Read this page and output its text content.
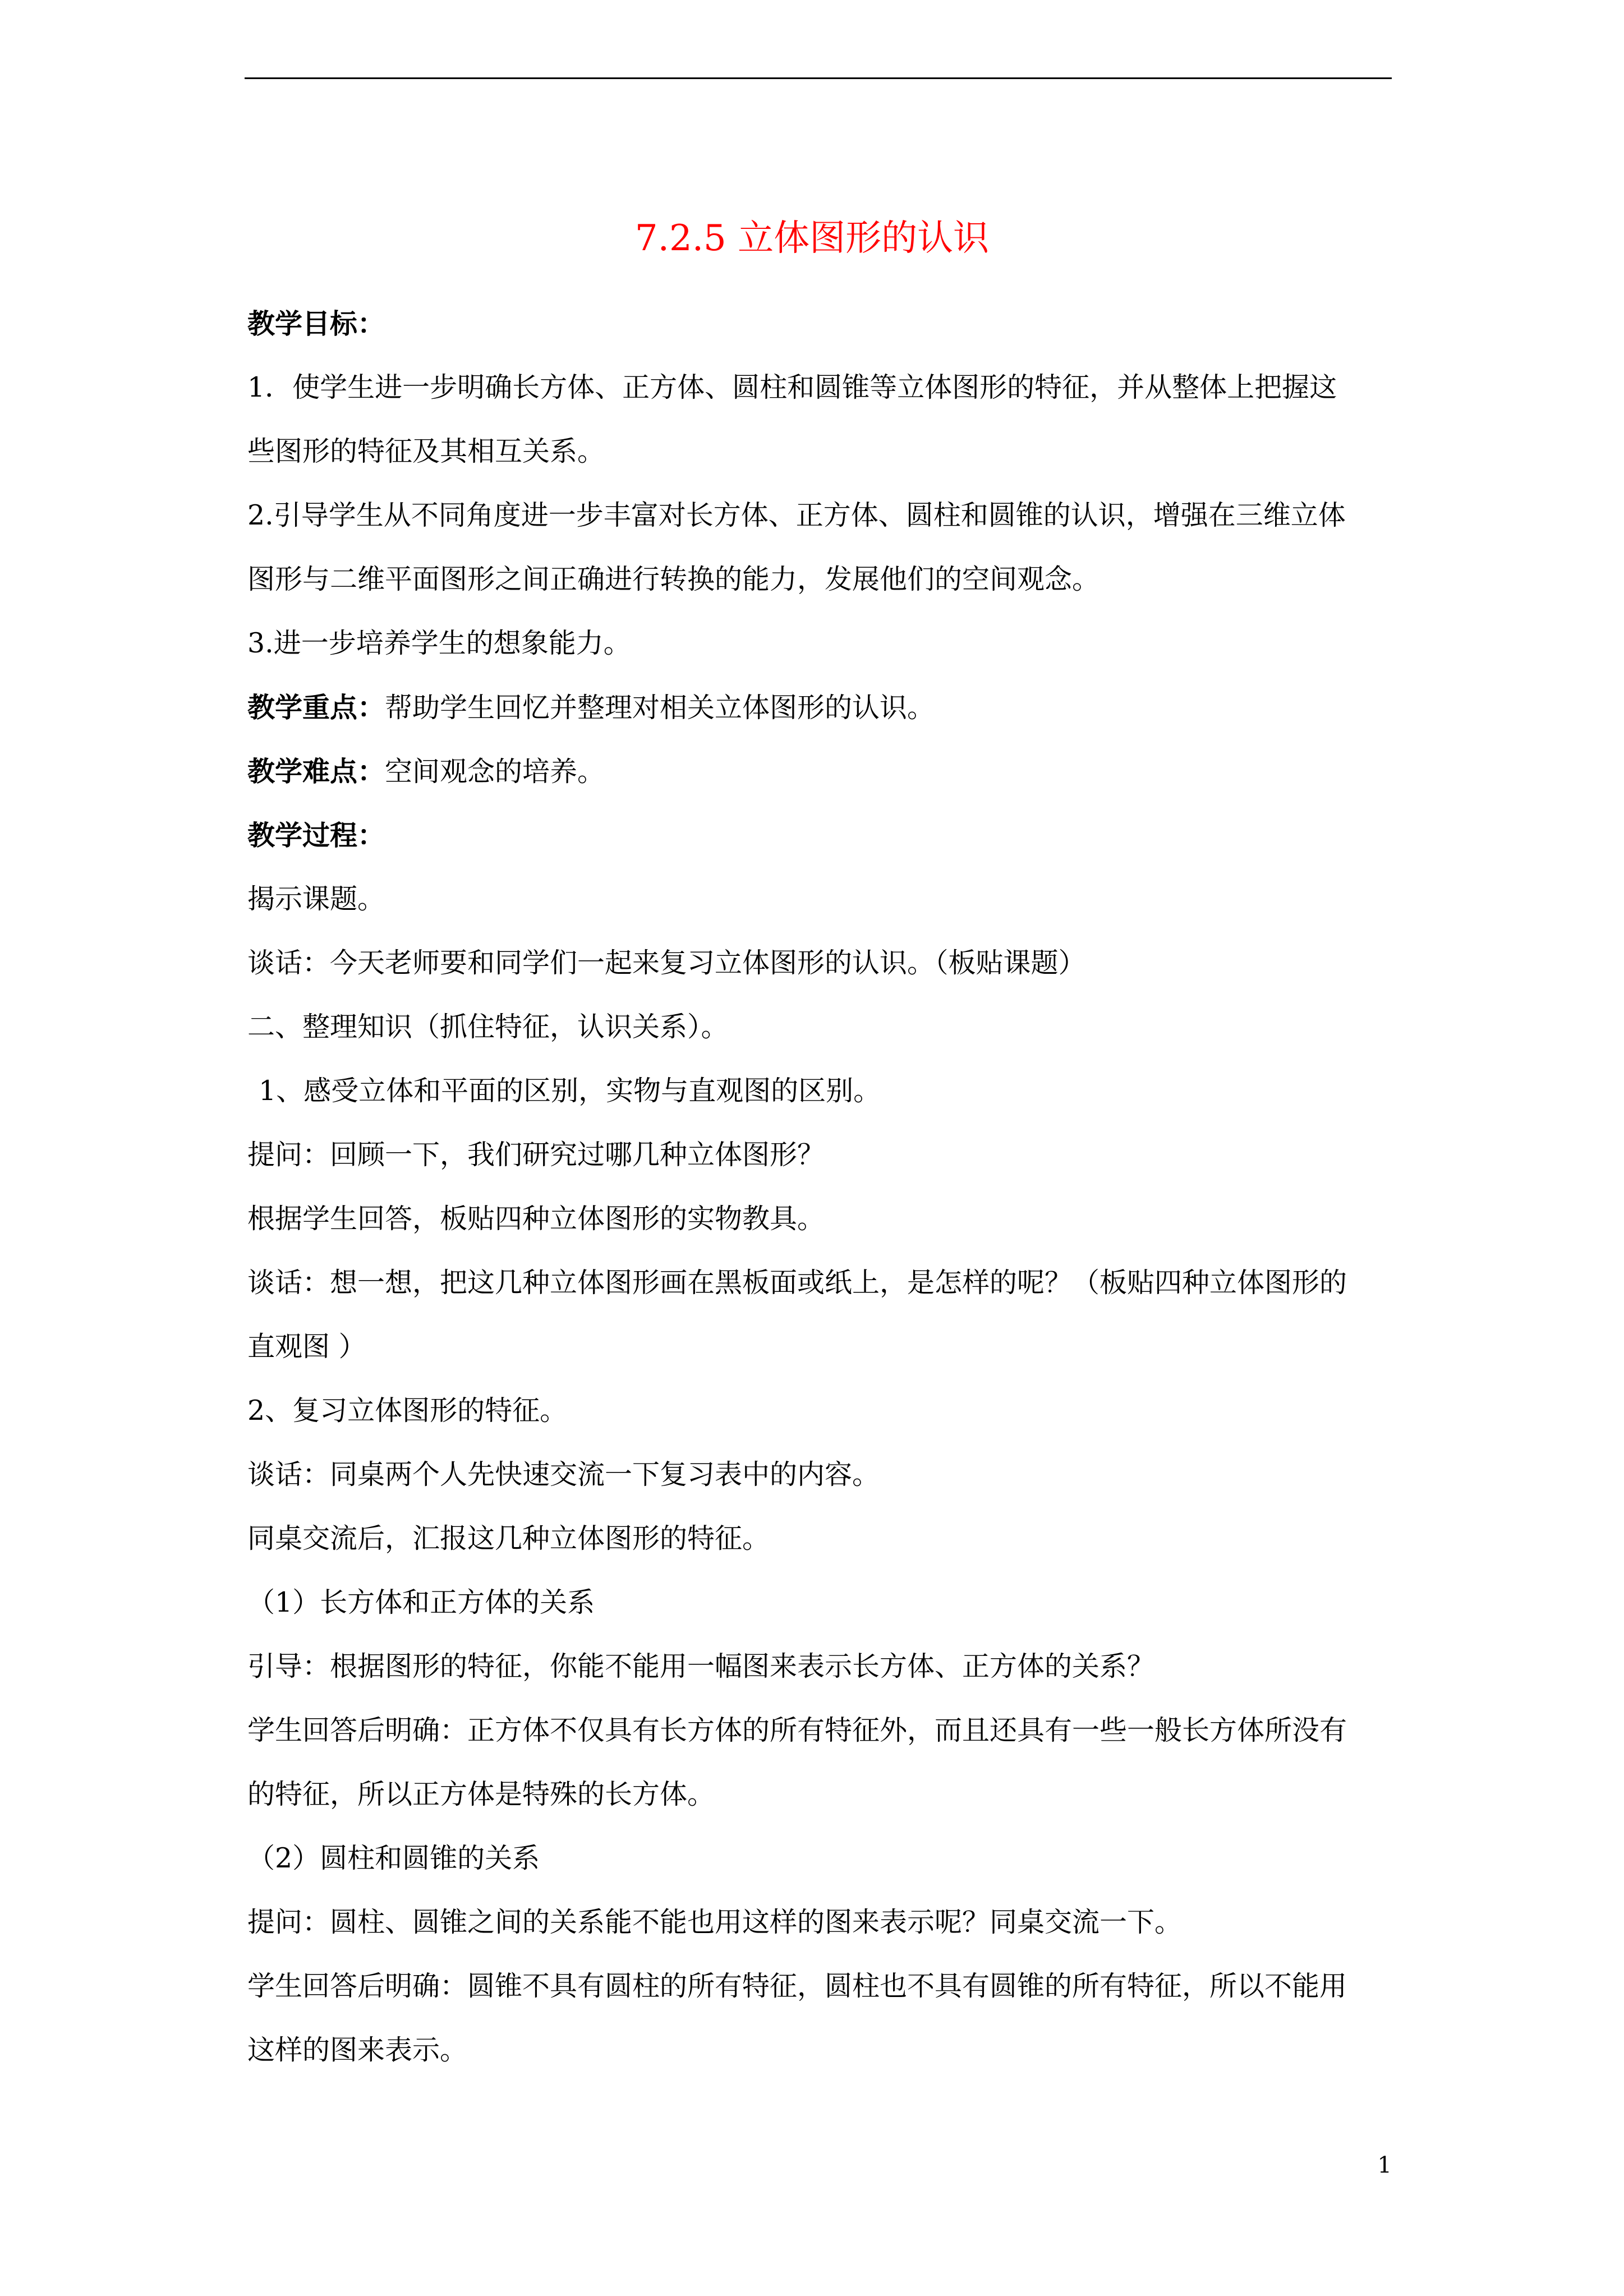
7.2.5 立体图形的认识
教学目标：
1．使学生进一步明确长方体、正方体、圆柱和圆锥等立体图形的特征，并从整体上把握这
些图形的特征及其相互关系。
2.引导学生从不同角度进一步丰富对长方体、正方体、圆柱和圆锥的认识，增强在三维立体
图形与二维平面图形之间正确进行转换的能力，发展他们的空间观念。
3.进一步培养学生的想象能力。
教学重点：帮助学生回忆并整理对相关立体图形的认识。
教学难点：空间观念的培养。
教学过程：
揭示课题。
谈话：今天老师要和同学们一起来复习立体图形的认识。（板贴课题）
二、整理知识（抓住特征，认识关系）。
1、感受立体和平面的区别，实物与直观图的区别。
提问：回顾一下，我们研究过哪几种立体图形？
根据学生回答，板贴四种立体图形的实物教具。
谈话：想一想，把这几种立体图形画在黑板面或纸上，是怎样的呢？（板贴四种立体图形的
直观图 ）
2、复习立体图形的特征。
谈话：同桌两个人先快速交流一下复习表中的内容。
同桌交流后，汇报这几种立体图形的特征。
（1）长方体和正方体的关系
引导：根据图形的特征，你能不能用一幅图来表示长方体、正方体的关系？
学生回答后明确：正方体不仅具有长方体的所有特征外，而且还具有一些一般长方体所没有
的特征，所以正方体是特殊的长方体。
（2）圆柱和圆锥的关系
提问：圆柱、圆锥之间的关系能不能也用这样的图来表示呢？同桌交流一下。
学生回答后明确：圆锥不具有圆柱的所有特征，圆柱也不具有圆锥的所有特征，所以不能用
这样的图来表示。
1
